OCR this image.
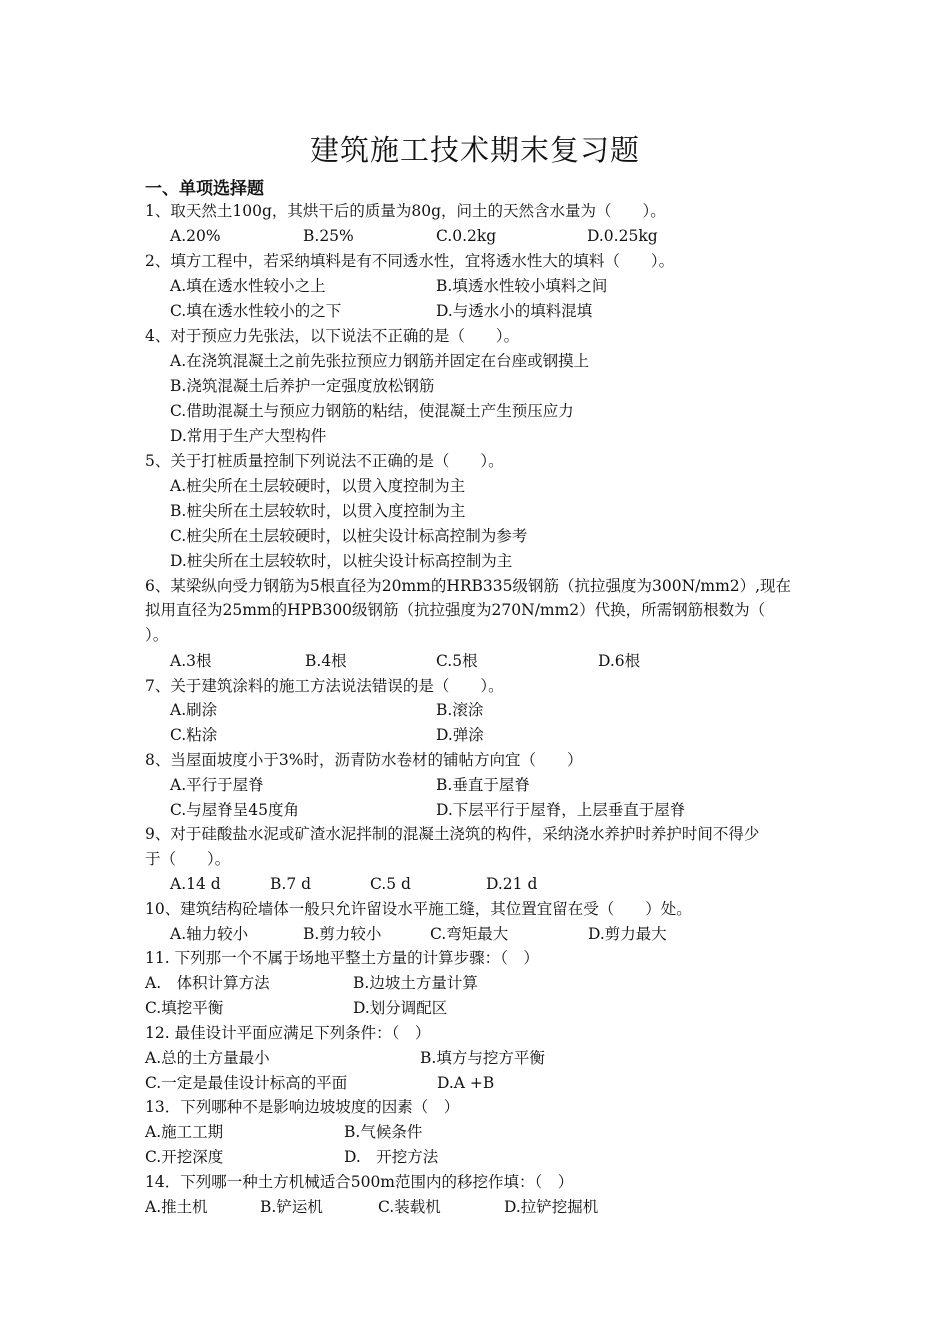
建筑施工技术期末复习题
一、单项选择题

1、取天然土100g，其烘干后的质量为80g，问土的天然含水量为（　　）。

A.20%	B.25%	C.0.2kg	D.0.25kg

2、填方工程中，若采纳填料是有不同透水性，宜将透水性大的填料（　　）。

A.填在透水性较小之上	B.填透水性较小填料之间

C.填在透水性较小的之下	D.与透水小的填料混填

4、对于预应力先张法，以下说法不正确的是（　　）。

A.在浇筑混凝土之前先张拉预应力钢筋并固定在台座或钢摸上

B.浇筑混凝土后养护一定强度放松钢筋

C.借助混凝土与预应力钢筋的粘结，使混凝土产生预压应力

D.常用于生产大型构件

5、关于打桩质量控制下列说法不正确的是（　　）。

A.桩尖所在土层较硬时，以贯入度控制为主

B.桩尖所在土层较软时，以贯入度控制为主

C.桩尖所在土层较硬时，以桩尖设计标高控制为参考

D.桩尖所在土层较软时，以桩尖设计标高控制为主

6、某梁纵向受力钢筋为5根直径为20mm的HRB335级钢筋（抗拉强度为300N/mm2）,现在

拟用直径为25mm的HPB300级钢筋（抗拉强度为270N/mm2）代换，所需钢筋根数为（

）。

A.3根	B.4根	C.5根	D.6根

7、关于建筑涂料的施工方法说法错误的是（　　）。

A.刷涂	B.滚涂

C.粘涂	D.弹涂

8、当屋面坡度小于3%时，沥青防水卷材的铺帖方向宜（　　）

A.平行于屋脊	B.垂直于屋脊

C.与屋脊呈45度角	D.下层平行于屋脊，上层垂直于屋脊

9、对于硅酸盐水泥或矿渣水泥拌制的混凝土浇筑的构件，采纳浇水养护时养护时间不得少

于（　　）。

A.14 d	B.7 d	C.5 d	D.21 d

10、建筑结构砼墙体一般只允许留设水平施工缝，其位置宜留在受（　　）处。

A.轴力较小	B.剪力较小	C.弯矩最大	D.剪力最大

11. 下列那一个不属于场地平整土方量的计算步骤：（　）

A.　体积计算方法	B.边坡土方量计算

C.填挖平衡	D.划分调配区

12. 最佳设计平面应满足下列条件：（　）

A.总的土方量最小	B.填方与挖方平衡

C.一定是最佳设计标高的平面	D.A +B

13．下列哪种不是影响边坡坡度的因素（　）

A.施工工期	B.气候条件

C.开挖深度	D.　开挖方法

14．下列哪一种土方机械适合500m范围内的移挖作填：（　）

A.推土机	B.铲运机	C.装载机	D.拉铲挖掘机
